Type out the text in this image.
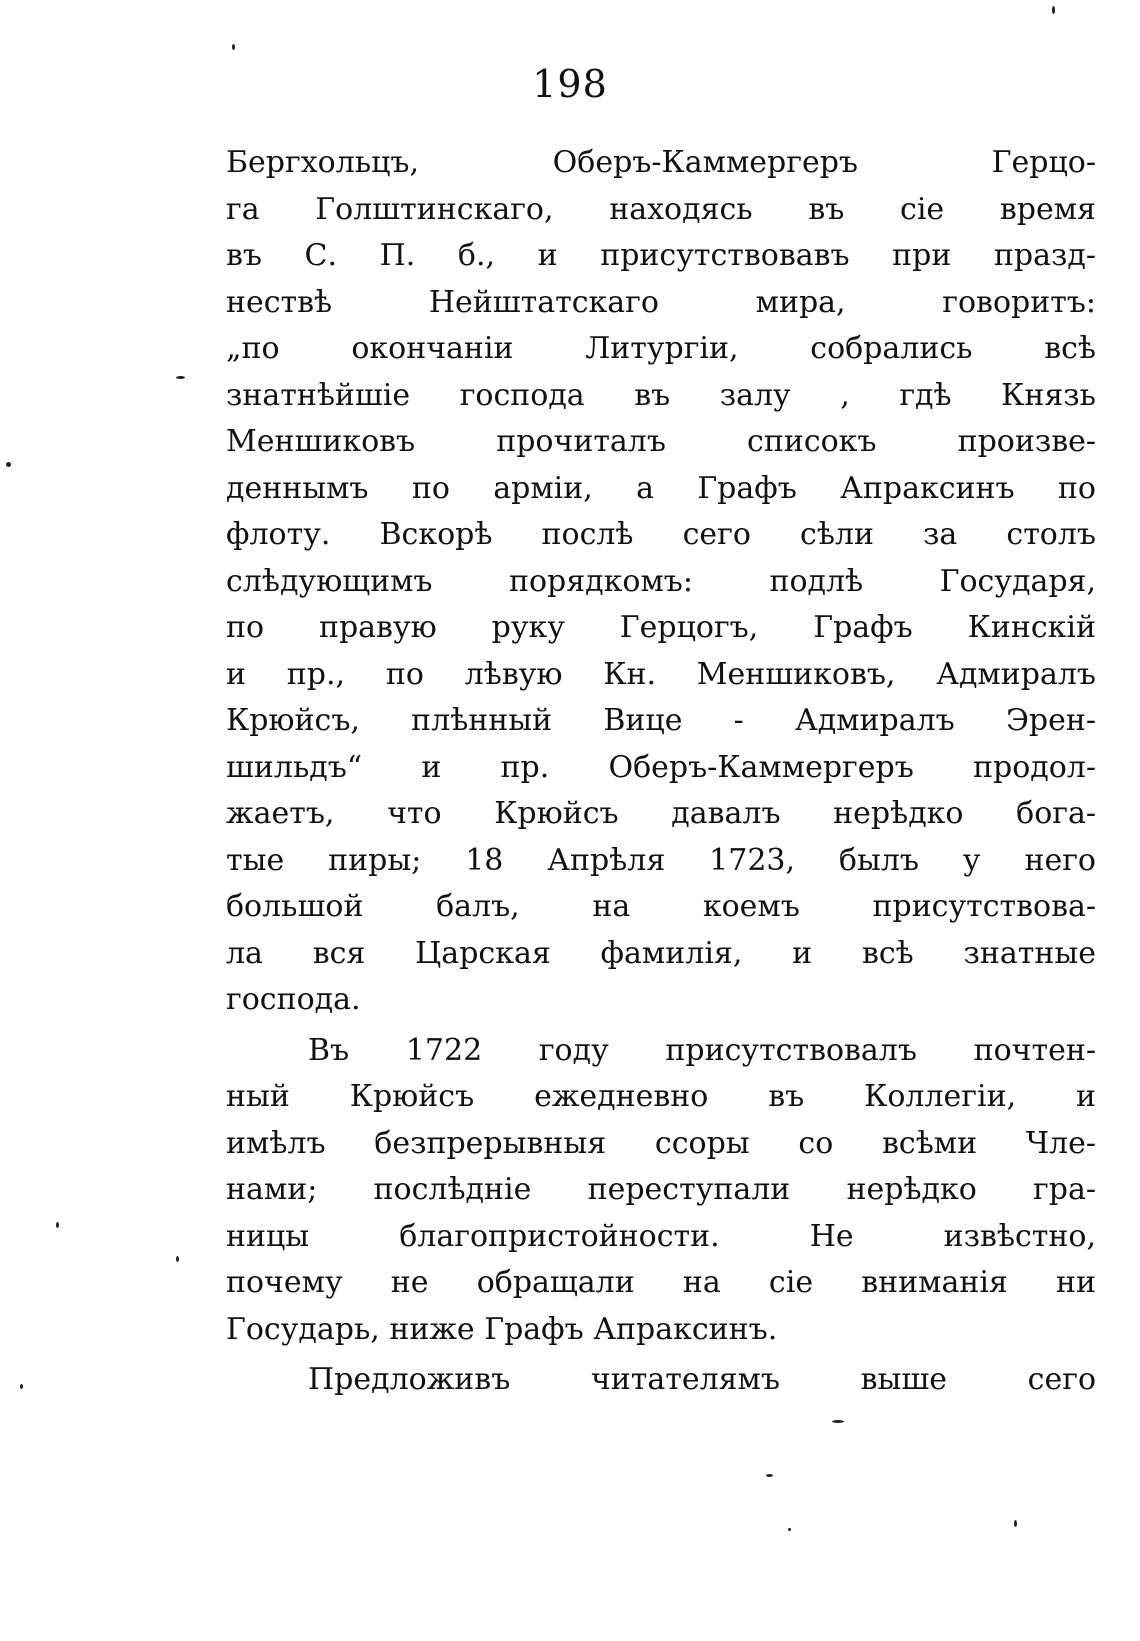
198
Бергхольцъ, Оберъ-Каммергеръ Герцо-
га Голштинскаго, находясь въ сіе время
въ С. П. б., и присутствовавъ при празд-
нествѣ Нейштатскаго мира, говоритъ:
„по окончаніи Литургіи, собрались всѣ
знатнѣйшіе господа въ залу , гдѣ Князь
Меншиковъ прочиталъ списокъ произве-
деннымъ по арміи, а Графъ Апраксинъ по
флоту. Вскорѣ послѣ сего сѣли за столъ
слѣдующимъ порядкомъ: подлѣ Государя,
по правую руку Герцогъ, Графъ Кинскій
и пр., по лѣвую Кн. Меншиковъ, Адмиралъ
Крюйсъ, плѣнный Вице - Адмиралъ Эрен-
шильдъ“ и пр. Оберъ-Каммергеръ продол-
жаетъ, что Крюйсъ давалъ нерѣдко бога-
тые пиры; 18 Апрѣля 1723, былъ у него
большой балъ, на коемъ присутствова-
ла вся Царская фамилія, и всѣ знатные
господа.
Въ 1722 году присутствовалъ почтен-
ный Крюйсъ ежедневно въ Коллегіи, и
имѣлъ безпрерывныя ссоры со всѣми Чле-
нами; послѣдніе переступали нерѣдко гра-
ницы благопристойности. Не извѣстно,
почему не обращали на сіе вниманія ни
Государь, ниже Графъ Апраксинъ.
Предложивъ читателямъ выше сего
